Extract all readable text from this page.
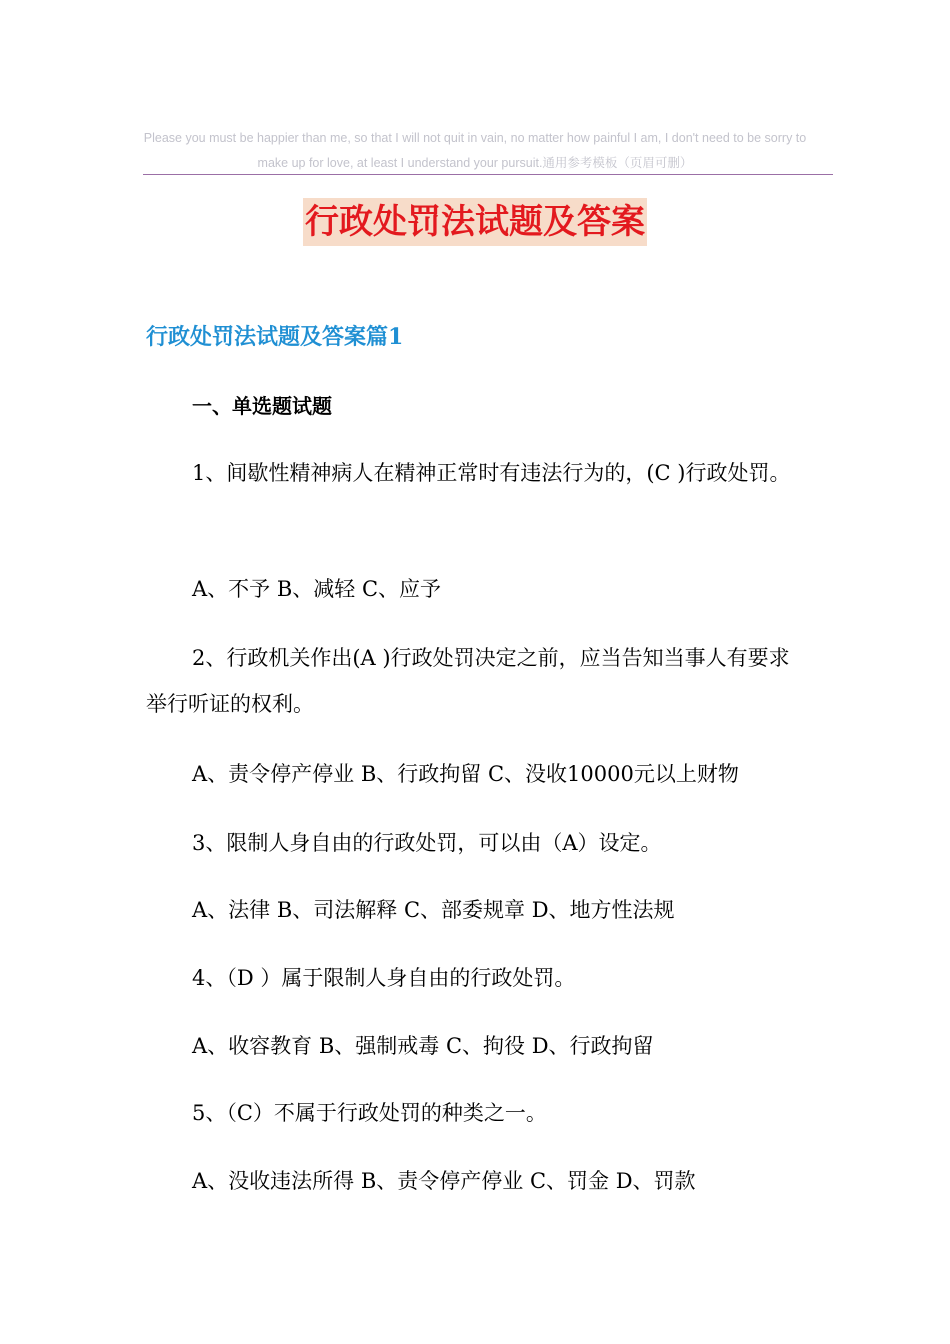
Please you must be happier than me, so that I will not quit in vain, no matter how painful I am, I don't need to be sorry to make up for love, at least I understand your pursuit.通用参考模板（页眉可删）
行政处罚法试题及答案
行政处罚法试题及答案篇1
一、单选题试题

1、间歇性精神病人在精神正常时有违法行为的，(C )行政处罚。

A、不予 B、减轻 C、应予

2、行政机关作出(A )行政处罚决定之前，应当告知当事人有要求举行听证的权利。

A、责令停产停业 B、行政拘留 C、没收10000元以上财物

3、限制人身自由的行政处罚，可以由（A）设定。

A、法律 B、司法解释 C、部委规章 D、地方性法规

4、（D ）属于限制人身自由的行政处罚。

A、收容教育 B、强制戒毒 C、拘役 D、行政拘留

5、（C）不属于行政处罚的种类之一。

A、没收违法所得 B、责令停产停业 C、罚金 D、罚款
